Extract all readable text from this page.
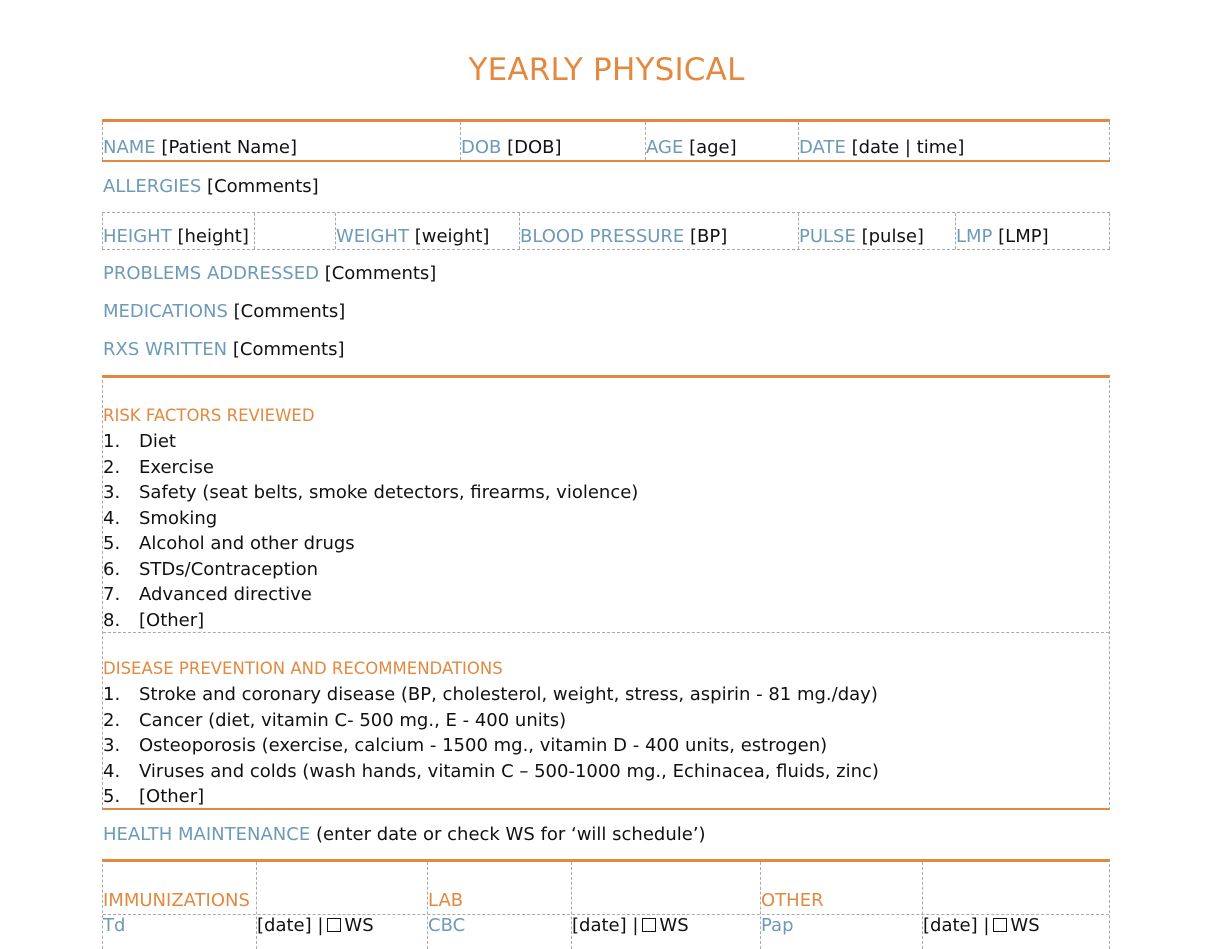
YEARLY PHYSICAL
NAME [Patient Name]	DOB [DOB]	AGE [age]	DATE [date | time]
ALLERGIES [Comments]
HEIGHT [height]	WEIGHT [weight] BLOOD PRESSURE [BP]	PULSE [pulse] LMP [LMP]
PROBLEMS ADDRESSED [Comments]
MEDICATIONS [Comments]
RXS WRITTEN [Comments]
RISK FACTORS REVIEWED
1. Diet
2. Exercise
3. Safety (seat belts, smoke detectors, firearms, violence)
4. Smoking
5. Alcohol and other drugs
6. STDs/Contraception
7. Advanced directive
8. [Other]
DISEASE PREVENTION AND RECOMMENDATIONS
1. Stroke and coronary disease (BP, cholesterol, weight, stress, aspirin - 81 mg./day)
2. Cancer (diet, vitamin C- 500 mg., E - 400 units)
3. Osteoporosis (exercise, calcium - 1500 mg., vitamin D - 400 units, estrogen)
4. Viruses and colds (wash hands, vitamin C – 500-1000 mg., Echinacea, fluids, zinc)
5. [Other]
HEALTH MAINTENANCE (enter date or check WS for ‘will schedule’)
IMMUNIZATIONS	LAB	OTHER
Td	[date] | WS	CBC	[date] | WS	Pap	[date] | WS
